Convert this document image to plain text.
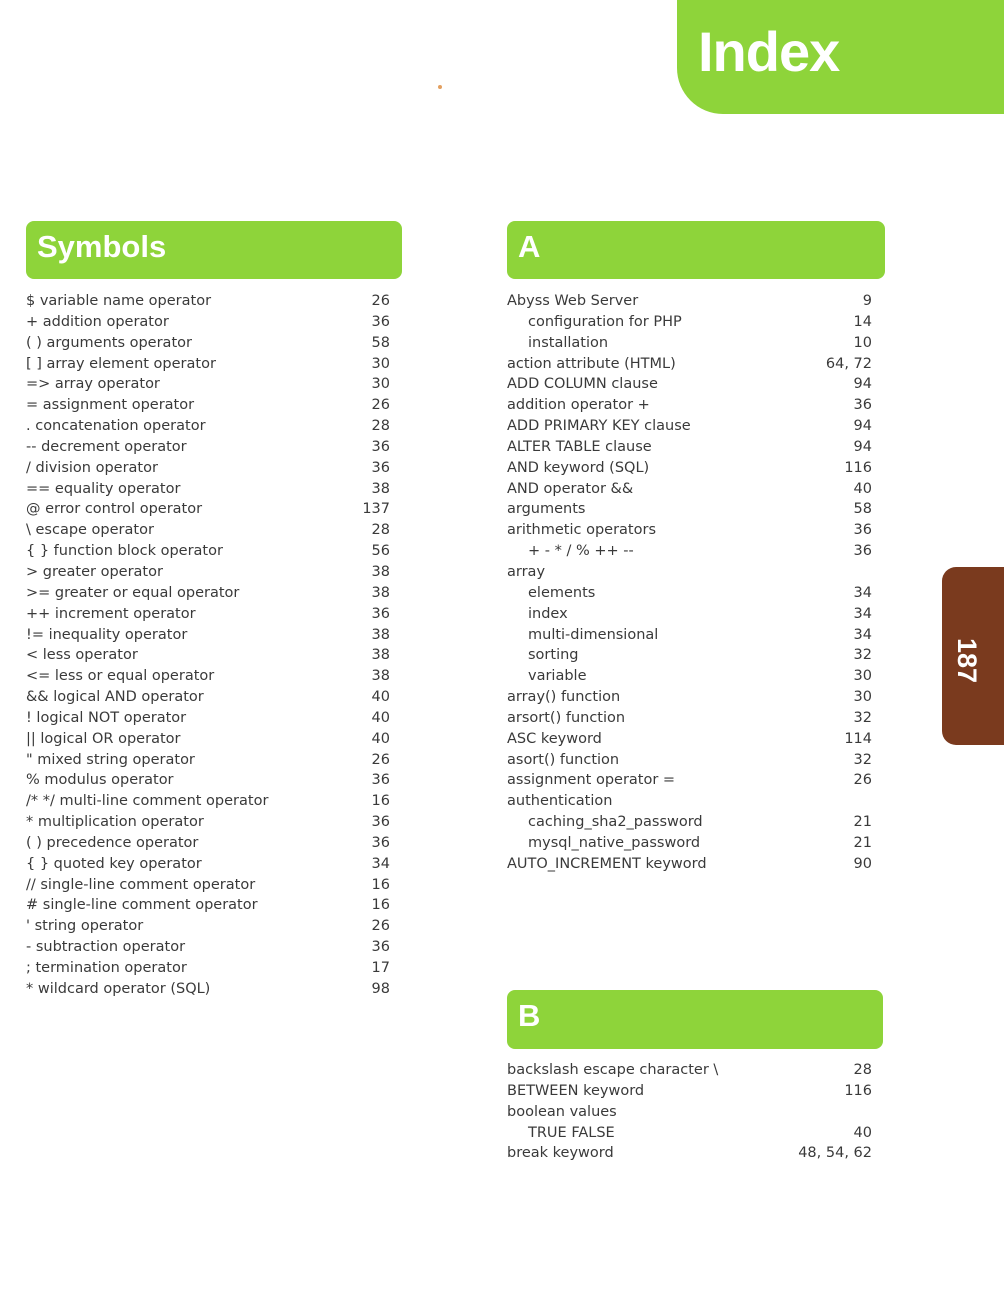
Index
Symbols
$ variable name operator	26
+ addition operator	36
( ) arguments operator	58
[ ] array element operator	30
=> array operator	30
= assignment operator	26
. concatenation operator	28
-- decrement operator	36
/ division operator	36
== equality operator	38
@ error control operator	137
\ escape operator	28
{ } function block operator	56
> greater operator	38
>= greater or equal operator	38
++ increment operator	36
!= inequality operator	38
< less operator	38
<= less or equal operator	38
&& logical AND operator	40
! logical NOT operator	40
|| logical OR operator	40
" mixed string operator	26
% modulus operator	36
/* */ multi-line comment operator	16
* multiplication operator	36
( ) precedence operator	36
{ } quoted key operator	34
// single-line comment operator	16
# single-line comment operator	16
' string operator	26
- subtraction operator	36
; termination operator	17
* wildcard operator (SQL)	98
A
Abyss Web Server	9
configuration for PHP	14
installation	10
action attribute (HTML)	64, 72
ADD COLUMN clause	94
addition operator +	36
ADD PRIMARY KEY clause	94
ALTER TABLE clause	94
AND keyword (SQL)	116
AND operator &&	40
arguments	58
arithmetic operators	36
+ - * / % ++ --	36
array
elements	34
index	34
multi-dimensional	34
sorting	32
variable	30
array() function	30
arsort() function	32
ASC keyword	114
asort() function	32
assignment operator =	26
authentication
caching_sha2_password	21
mysql_native_password	21
AUTO_INCREMENT keyword	90
B
backslash escape character \	28
BETWEEN keyword	116
boolean values
TRUE FALSE	40
break keyword	48, 54, 62
187
